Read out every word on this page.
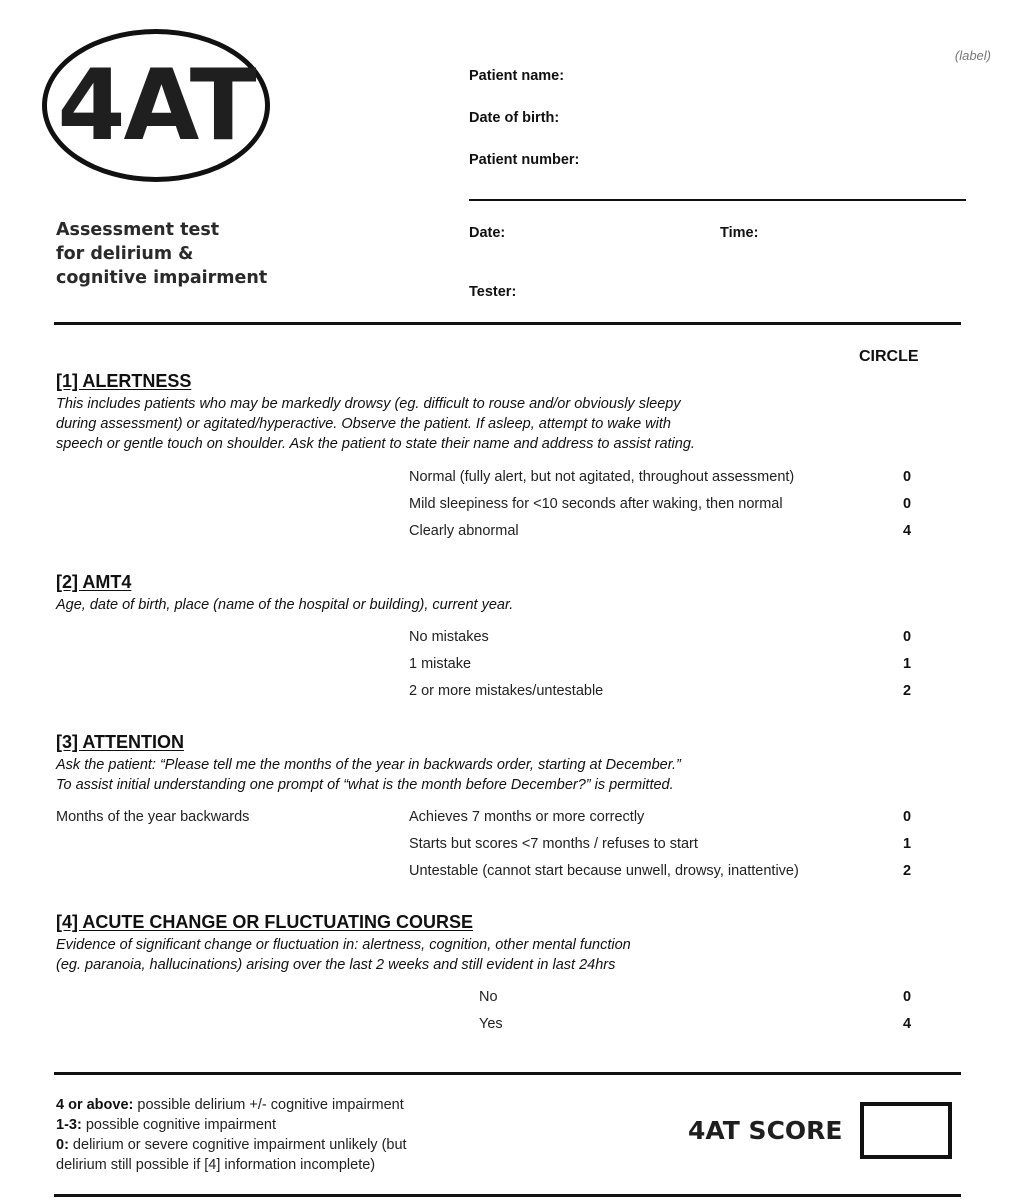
4AT
Assessment test
for delirium &
cognitive impairment
(label)
Patient name:
Date of birth:
Patient number:
Date:	Time:
Tester:
CIRCLE
[1] ALERTNESS
This includes patients who may be markedly drowsy (eg. difficult to rouse and/or obviously sleepy
during assessment) or agitated/hyperactive. Observe the patient. If asleep, attempt to wake with
speech or gentle touch on shoulder. Ask the patient to state their name and address to assist rating.
Normal (fully alert, but not agitated, throughout assessment)	0
Mild sleepiness for <10 seconds after waking, then normal	0
Clearly abnormal	4
[2] AMT4
Age, date of birth, place (name of the hospital or building), current year.
No mistakes	0
1 mistake	1
2 or more mistakes/untestable	2
[3] ATTENTION
Ask the patient: “Please tell me the months of the year in backwards order, starting at December.”
To assist initial understanding one prompt of “what is the month before December?” is permitted.
Months of the year backwards	Achieves 7 months or more correctly	0
Starts but scores <7 months / refuses to start	1
Untestable (cannot start because unwell, drowsy, inattentive)	2
[4] ACUTE CHANGE OR FLUCTUATING COURSE
Evidence of significant change or fluctuation in: alertness, cognition, other mental function
(eg. paranoia, hallucinations) arising over the last 2 weeks and still evident in last 24hrs
No	0
Yes	4
4 or above: possible delirium +/- cognitive impairment
1-3: possible cognitive impairment
0: delirium or severe cognitive impairment unlikely (but
delirium still possible if [4] information incomplete)
4AT SCORE
